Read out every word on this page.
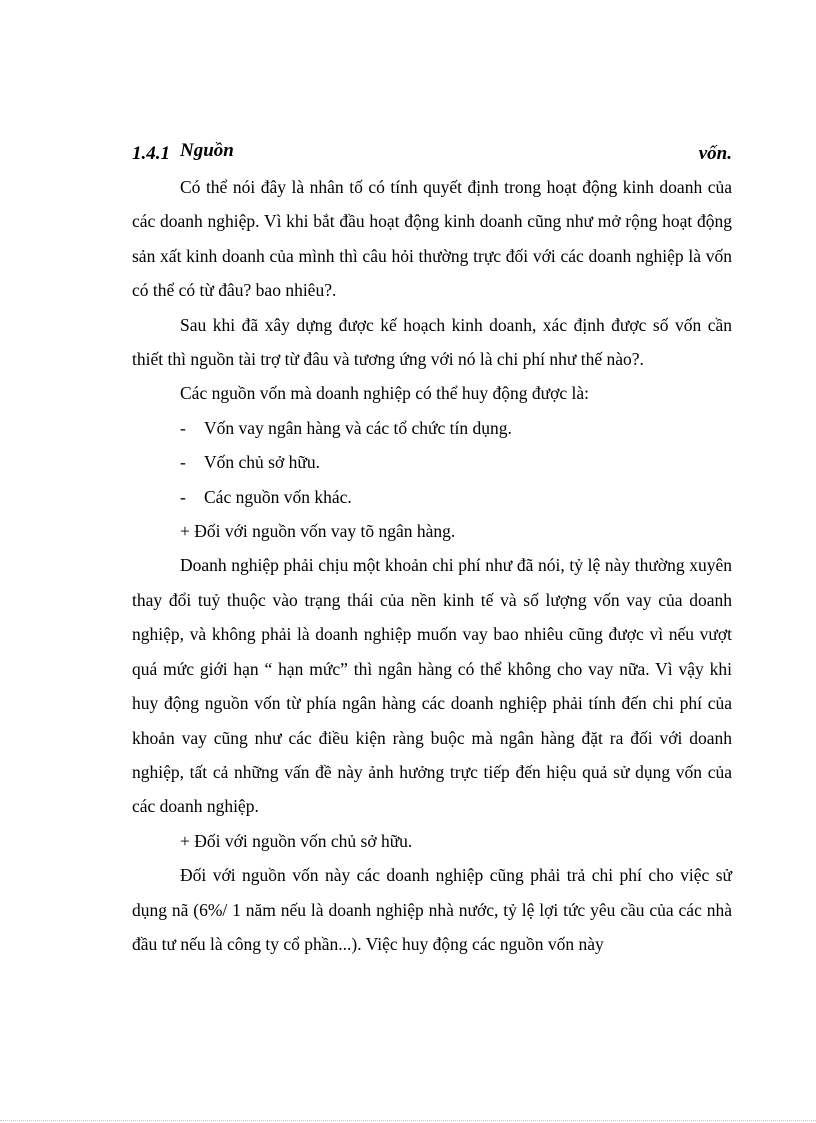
1.4.1 Nguồn	vốn.

Có thể nói đây là nhân tố có tính quyết định trong hoạt động kinh doanh của các doanh nghiệp. Vì khi bắt đầu hoạt động kinh doanh cũng như mở rộng hoạt động sản xất kinh doanh của mình thì câu hỏi thường trực đối với các doanh nghiệp là vốn có thể có từ đâu? bao nhiêu?.

Sau khi đã xây dựng được kế hoạch kinh doanh, xác định được số vốn cần thiết thì nguồn tài trợ từ đâu và tương ứng với nó là chi phí như thế nào?.

Các nguồn vốn mà doanh nghiệp có thể huy động được là:

- Vốn vay ngân hàng và các tổ chức tín dụng.
- Vốn chủ sở hữu.
- Các nguồn vốn khác.

+ Đối với nguồn vốn vay tõ ngân hàng.

Doanh nghiệp phải chịu một khoản chi phí như đã nói, tỷ lệ này thường xuyên thay đổi tuỷ thuộc vào trạng thái của nền kinh tế và số lượng vốn vay của doanh nghiệp, và không phải là doanh nghiệp muốn vay bao nhiêu cũng được vì nếu vượt quá mức giới hạn “ hạn mức” thì ngân hàng có thể không cho vay nữa. Vì vậy khi huy động nguồn vốn từ phía ngân hàng các doanh nghiệp phải tính đến chi phí của khoản vay cũng như các điều kiện ràng buộc mà ngân hàng đặt ra đối với doanh nghiệp, tất cả những vấn đề này ảnh hưởng trực tiếp đến hiệu quả sử dụng vốn của các doanh nghiệp.

+ Đối với nguồn vốn chủ sở hữu.

Đối với nguồn vốn này các doanh nghiệp cũng phải trả chi phí cho việc sử dụng nã (6%/ 1 năm nếu là doanh nghiệp nhà nước, tỷ lệ lợi tức yêu cầu của các nhà đầu tư nếu là công ty cổ phần...). Việc huy động các nguồn vốn này
